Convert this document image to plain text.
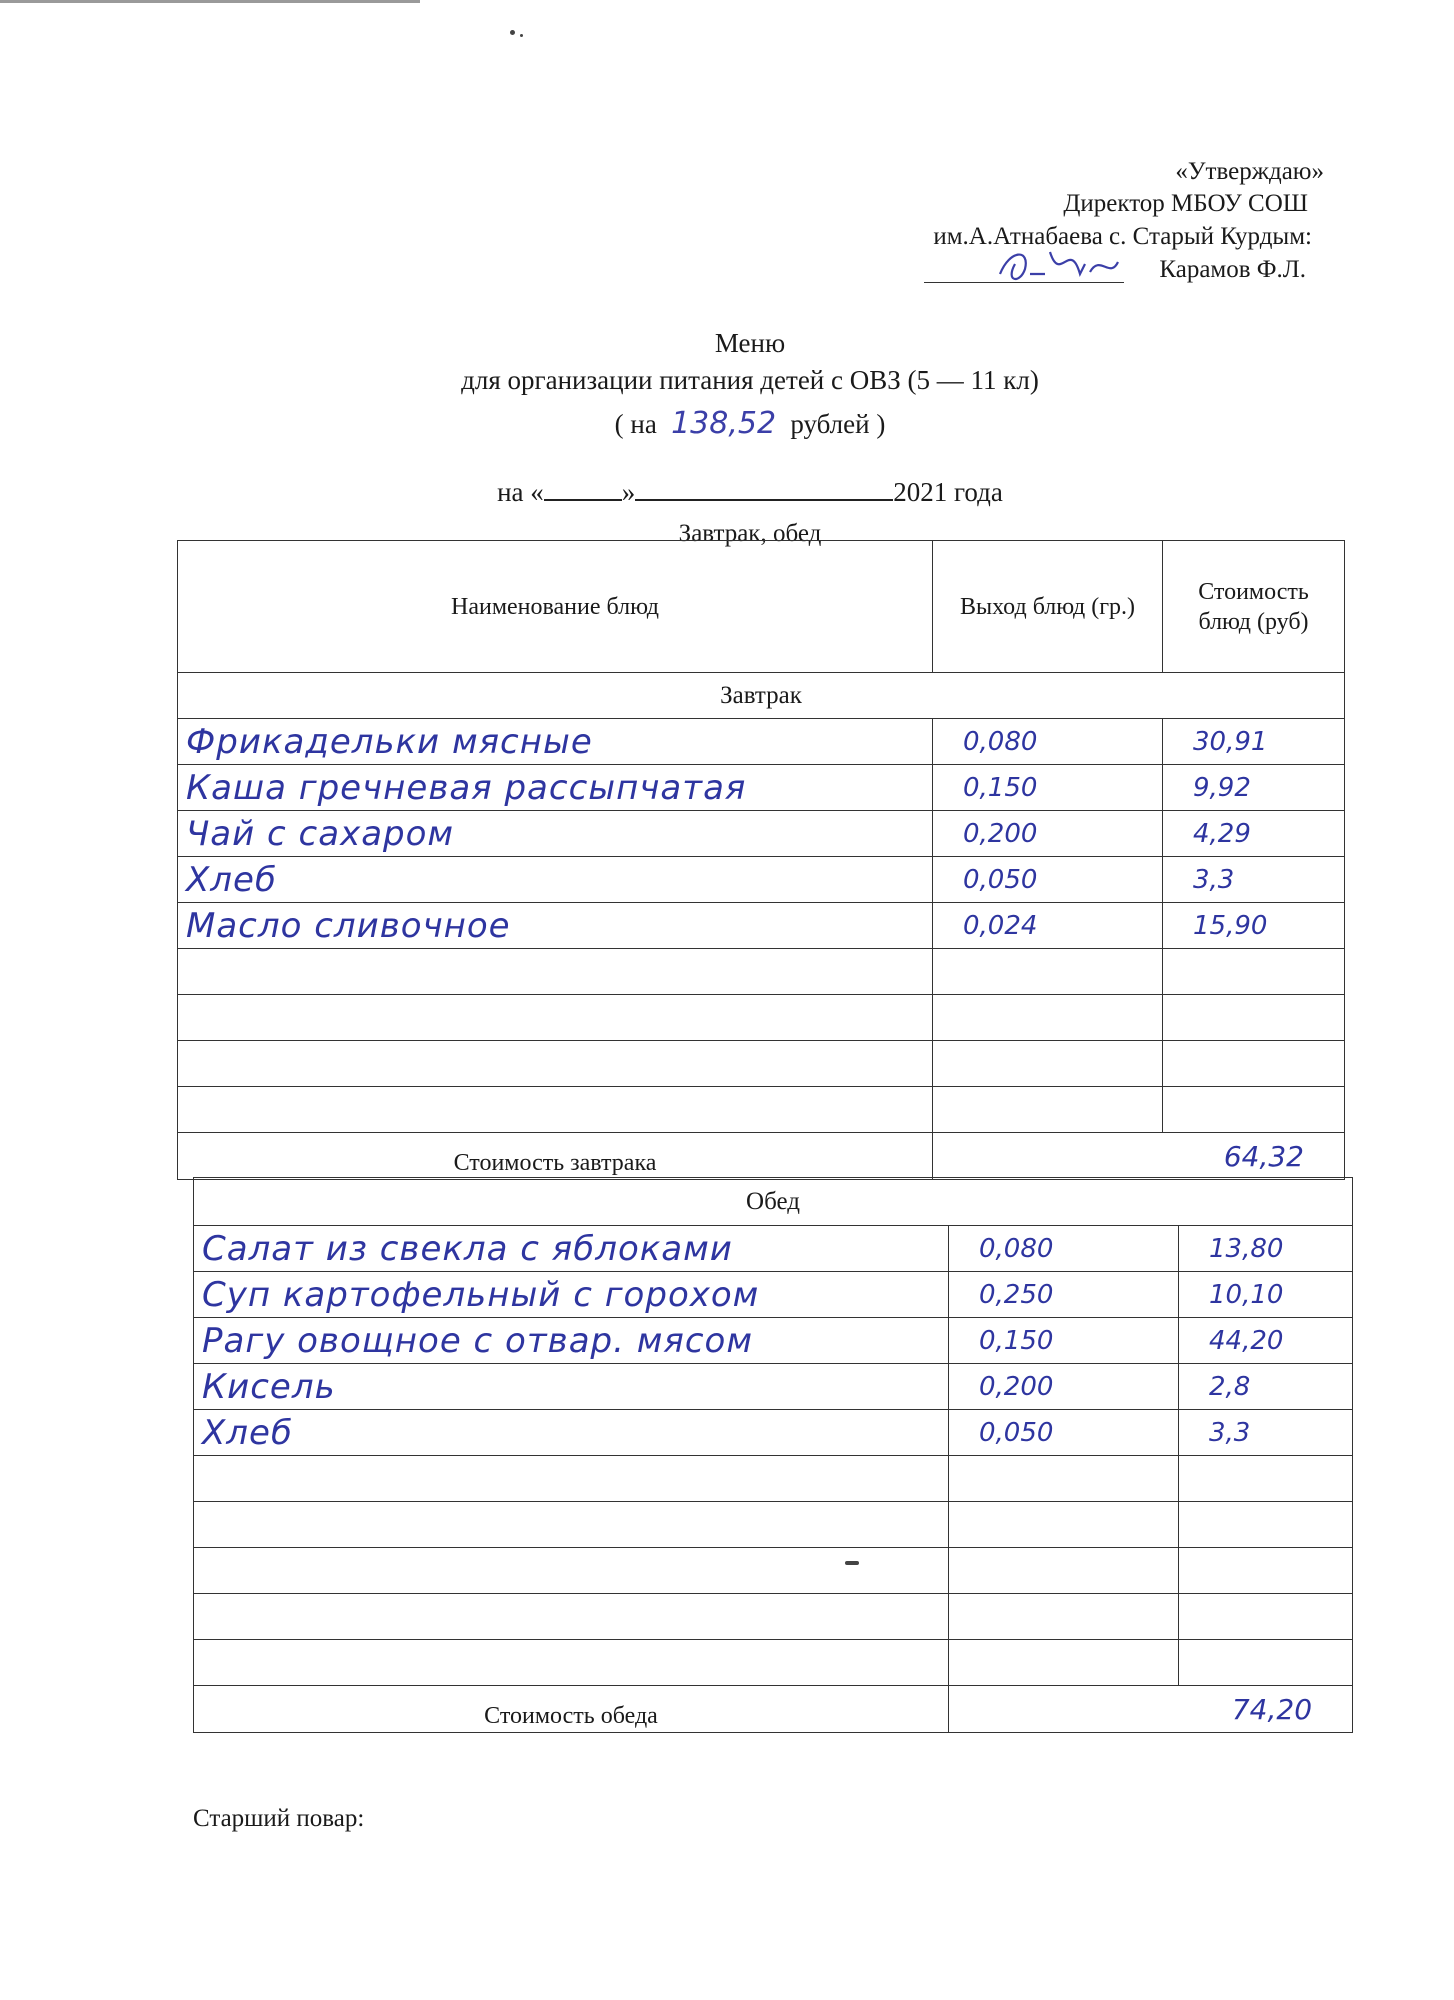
«Утверждаю»
Директор МБОУ СОШ
им.А.Атнабаева с. Старый Курдым:
Карамов Ф.Л.
Меню
для организации питания детей с ОВЗ (5 — 11 кл)
( на 138,52 рублей )
на «	»	2021 года
Завтрак, обед
Наименование блюд	Выход блюд (гр.)	Стоимость блюд (руб)
Завтрак		
Фрикадельки мясные	0,080	30,91
Каша гречневая рассыпчатая	0,150	9,92
Чай с сахаром	0,200	4,29
Хлеб	0,050	3,3
Масло сливочное	0,024	15,90

Стоимость завтрака	64,32	
Обед		
Салат из свекла с яблоками	0,080	13,80
Суп картофельный с горохом	0,250	10,10
Рагу овощное с отвар. мясом	0,150	44,20
Кисель	0,200	2,8
Хлеб	0,050	3,3

Стоимость обеда	74,20	
Старший повар:
